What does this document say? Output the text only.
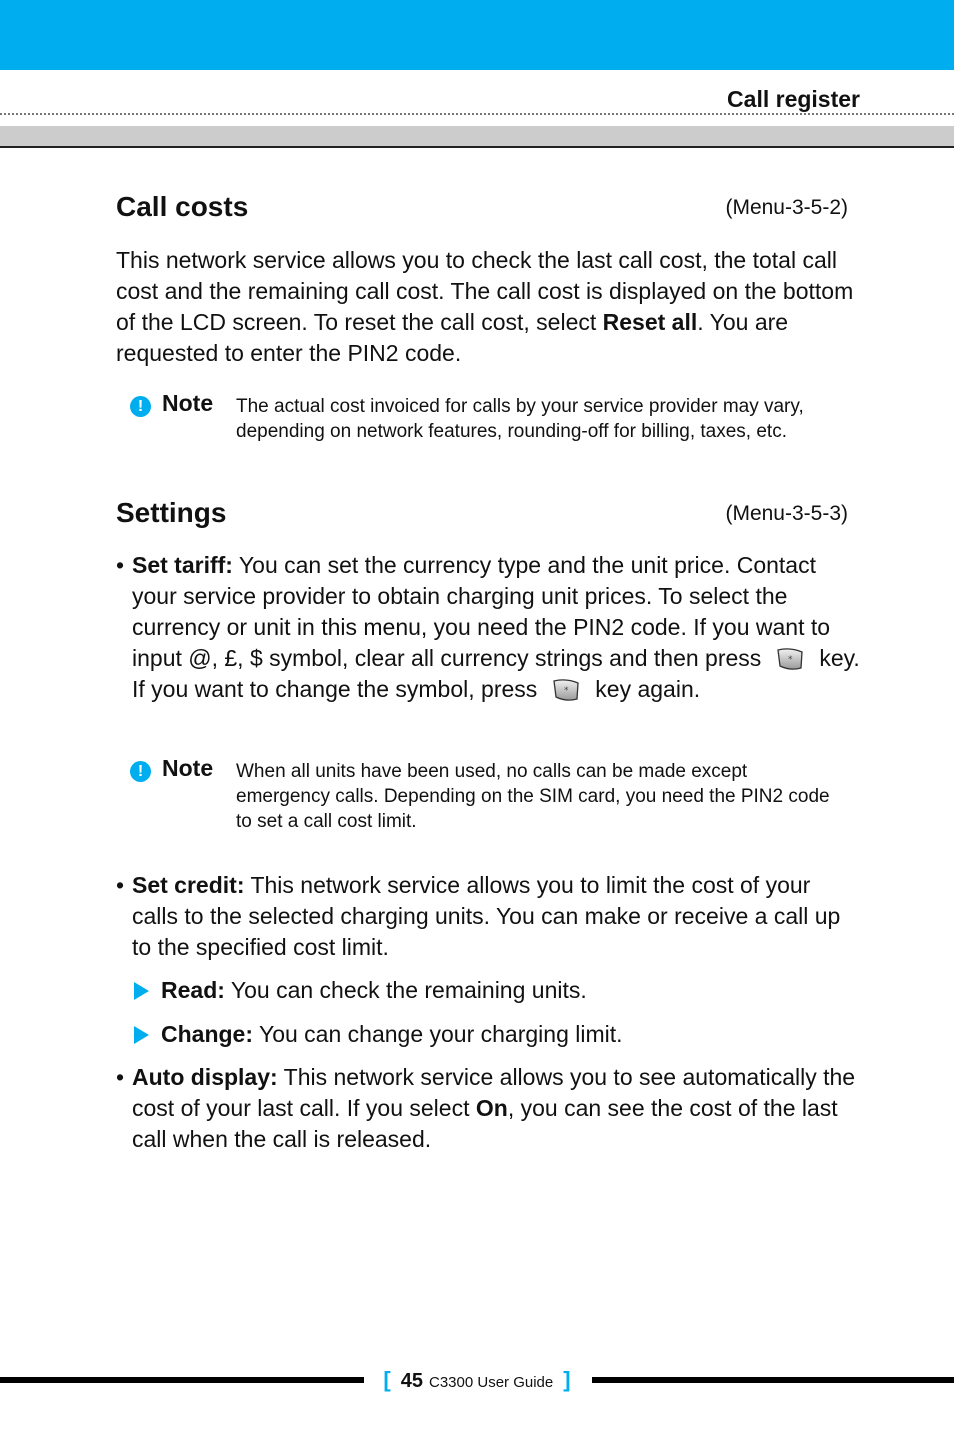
Call register
Call costs	(Menu-3-5-2)
This network service allows you to check the last call cost, the total call cost and the remaining call cost. The call cost is displayed on the bottom of the LCD screen. To reset the call cost, select Reset all. You are requested to enter the PIN2 code.
! Note The actual cost invoiced for calls by your service provider may vary, depending on network features, rounding-off for billing, taxes, etc.
Settings	(Menu-3-5-3)
• Set tariff: You can set the currency type and the unit price. Contact your service provider to obtain charging unit prices. To select the currency or unit in this menu, you need the PIN2 code. If you want to input @, £, $ symbol, clear all currency strings and then press	* key. If you want to change the symbol, press	* key again.
! Note When all units have been used, no calls can be made except emergency calls. Depending on the SIM card, you need the PIN2 code to set a call cost limit.
• Set credit: This network service allows you to limit the cost of your calls to the selected charging units. You can make or receive a call up to the specified cost limit.
Read: You can check the remaining units.
Change: You can change your charging limit.
• Auto display: This network service allows you to see automatically the cost of your last call. If you select On, you can see the cost of the last call when the call is released.
[ 45 C3300 User Guide ]
